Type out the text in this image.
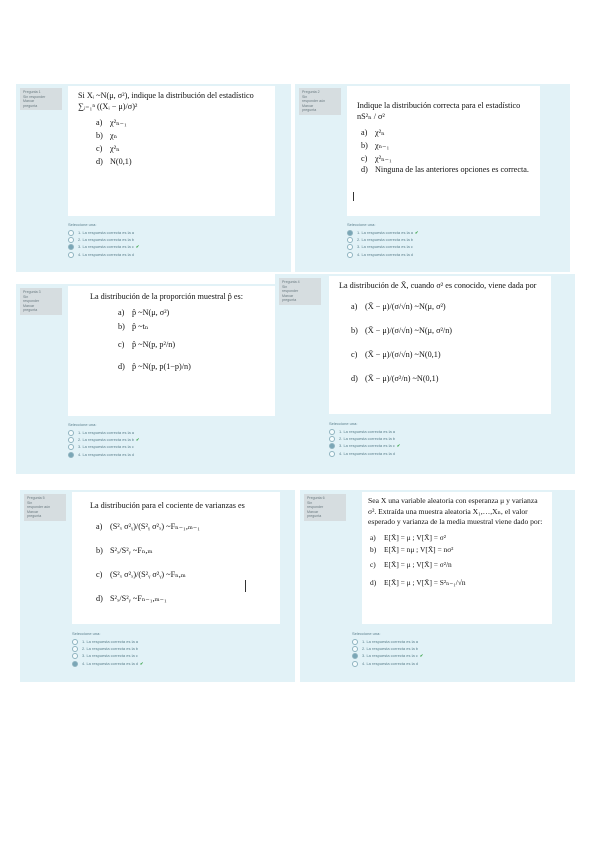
Pregunta 1
Sin responder
Marcar
pregunta

Si Xᵢ ~N(μ, σ²), indique la distribución del estadístico ∑ᵢ₌₁ⁿ ((Xᵢ − μ)/σ)²

a) χ²ₙ₋₁
b) χₙ
c) χ²ₙ
d) N(0,1)
Seleccione una:
1. La respuesta correcta es la a
2. La respuesta correcta es la b
3. La respuesta correcta es la c ✔
4. La respuesta correcta es la d
Pregunta 2
Sin
responder aún
Marcar
pregunta

Indique la distribución correcta para el estadístico nS²ₙ / σ²

a) χ²ₙ
b) χₙ₋₁
c) χ²ₙ₋₁
d) Ninguna de las anteriores opciones es correcta.
Seleccione una:
1. La respuesta correcta es la a ✔
2. La respuesta correcta es la b
3. La respuesta correcta es la c
4. La respuesta correcta es la d
Pregunta 3
Sin
responder
Marcar
pregunta

La distribución de la proporción muestral p̂ es:

a) p̂ ~N(μ, σ²)
b) p̂ ~tₙ
c) p̂ ~N(p, p²/n)
d) p̂ ~N(p, p(1−p)/n)
Seleccione una:
1. La respuesta correcta es la a
2. La respuesta correcta es la b ✔
3. La respuesta correcta es la c
4. La respuesta correcta es la d
Pregunta 4
Sin
responder
Marcar
pregunta

La distribución de X̄, cuando σ² es conocido, viene dada por

a) (X̄ − μ)/(σ/√n) ~N(μ, σ²)
b) (X̄ − μ)/(σ/√n) ~N(μ, σ²/n)
c) (X̄ − μ)/(σ/√n) ~N(0,1)
d) (X̄ − μ)/(σ²/n) ~N(0,1)
Seleccione una:
1. La respuesta correcta es la a
2. La respuesta correcta es la b
3. La respuesta correcta es la c ✔
4. La respuesta correcta es la d
Pregunta 5
Sin
responder aún
Marcar
pregunta

La distribución para el cociente de varianzas es

a) (S²ₓ σ²ᵧ)/(S²ᵧ σ²ₓ) ~Fₙ₋₁,ₘ₋₁
b) S²ₓ/S²ᵧ ~Fₙ,ₘ
c) (S²ₓ σ²ₓ)/(S²ᵧ σ²ᵧ) ~Fₙ,ₘ
d) S²ₓ/S²ᵧ ~Fₙ₋₁,ₘ₋₁
Seleccione una:
1. La respuesta correcta es la a
2. La respuesta correcta es la b
3. La respuesta correcta es la c
4. La respuesta correcta es la d ✔
Pregunta 6
Sin
responder
Marcar
pregunta

Sea X una variable aleatoria con esperanza μ y varianza σ². Extraída una muestra aleatoria X₁,…,Xₙ, el valor esperado y varianza de la media muestral viene dado por:

a) E[X̄] = μ ; V[X̄] = σ²
b) E[X̄] = nμ ; V[X̄] = nσ²
c) E[X̄] = μ ; V[X̄] = σ²/n
d) E[X̄] = μ ; V[X̄] = S²ₙ₋₁/√n
Seleccione una:
1. La respuesta correcta es la a
2. La respuesta correcta es la b
3. La respuesta correcta es la c ✔
4. La respuesta correcta es la d
